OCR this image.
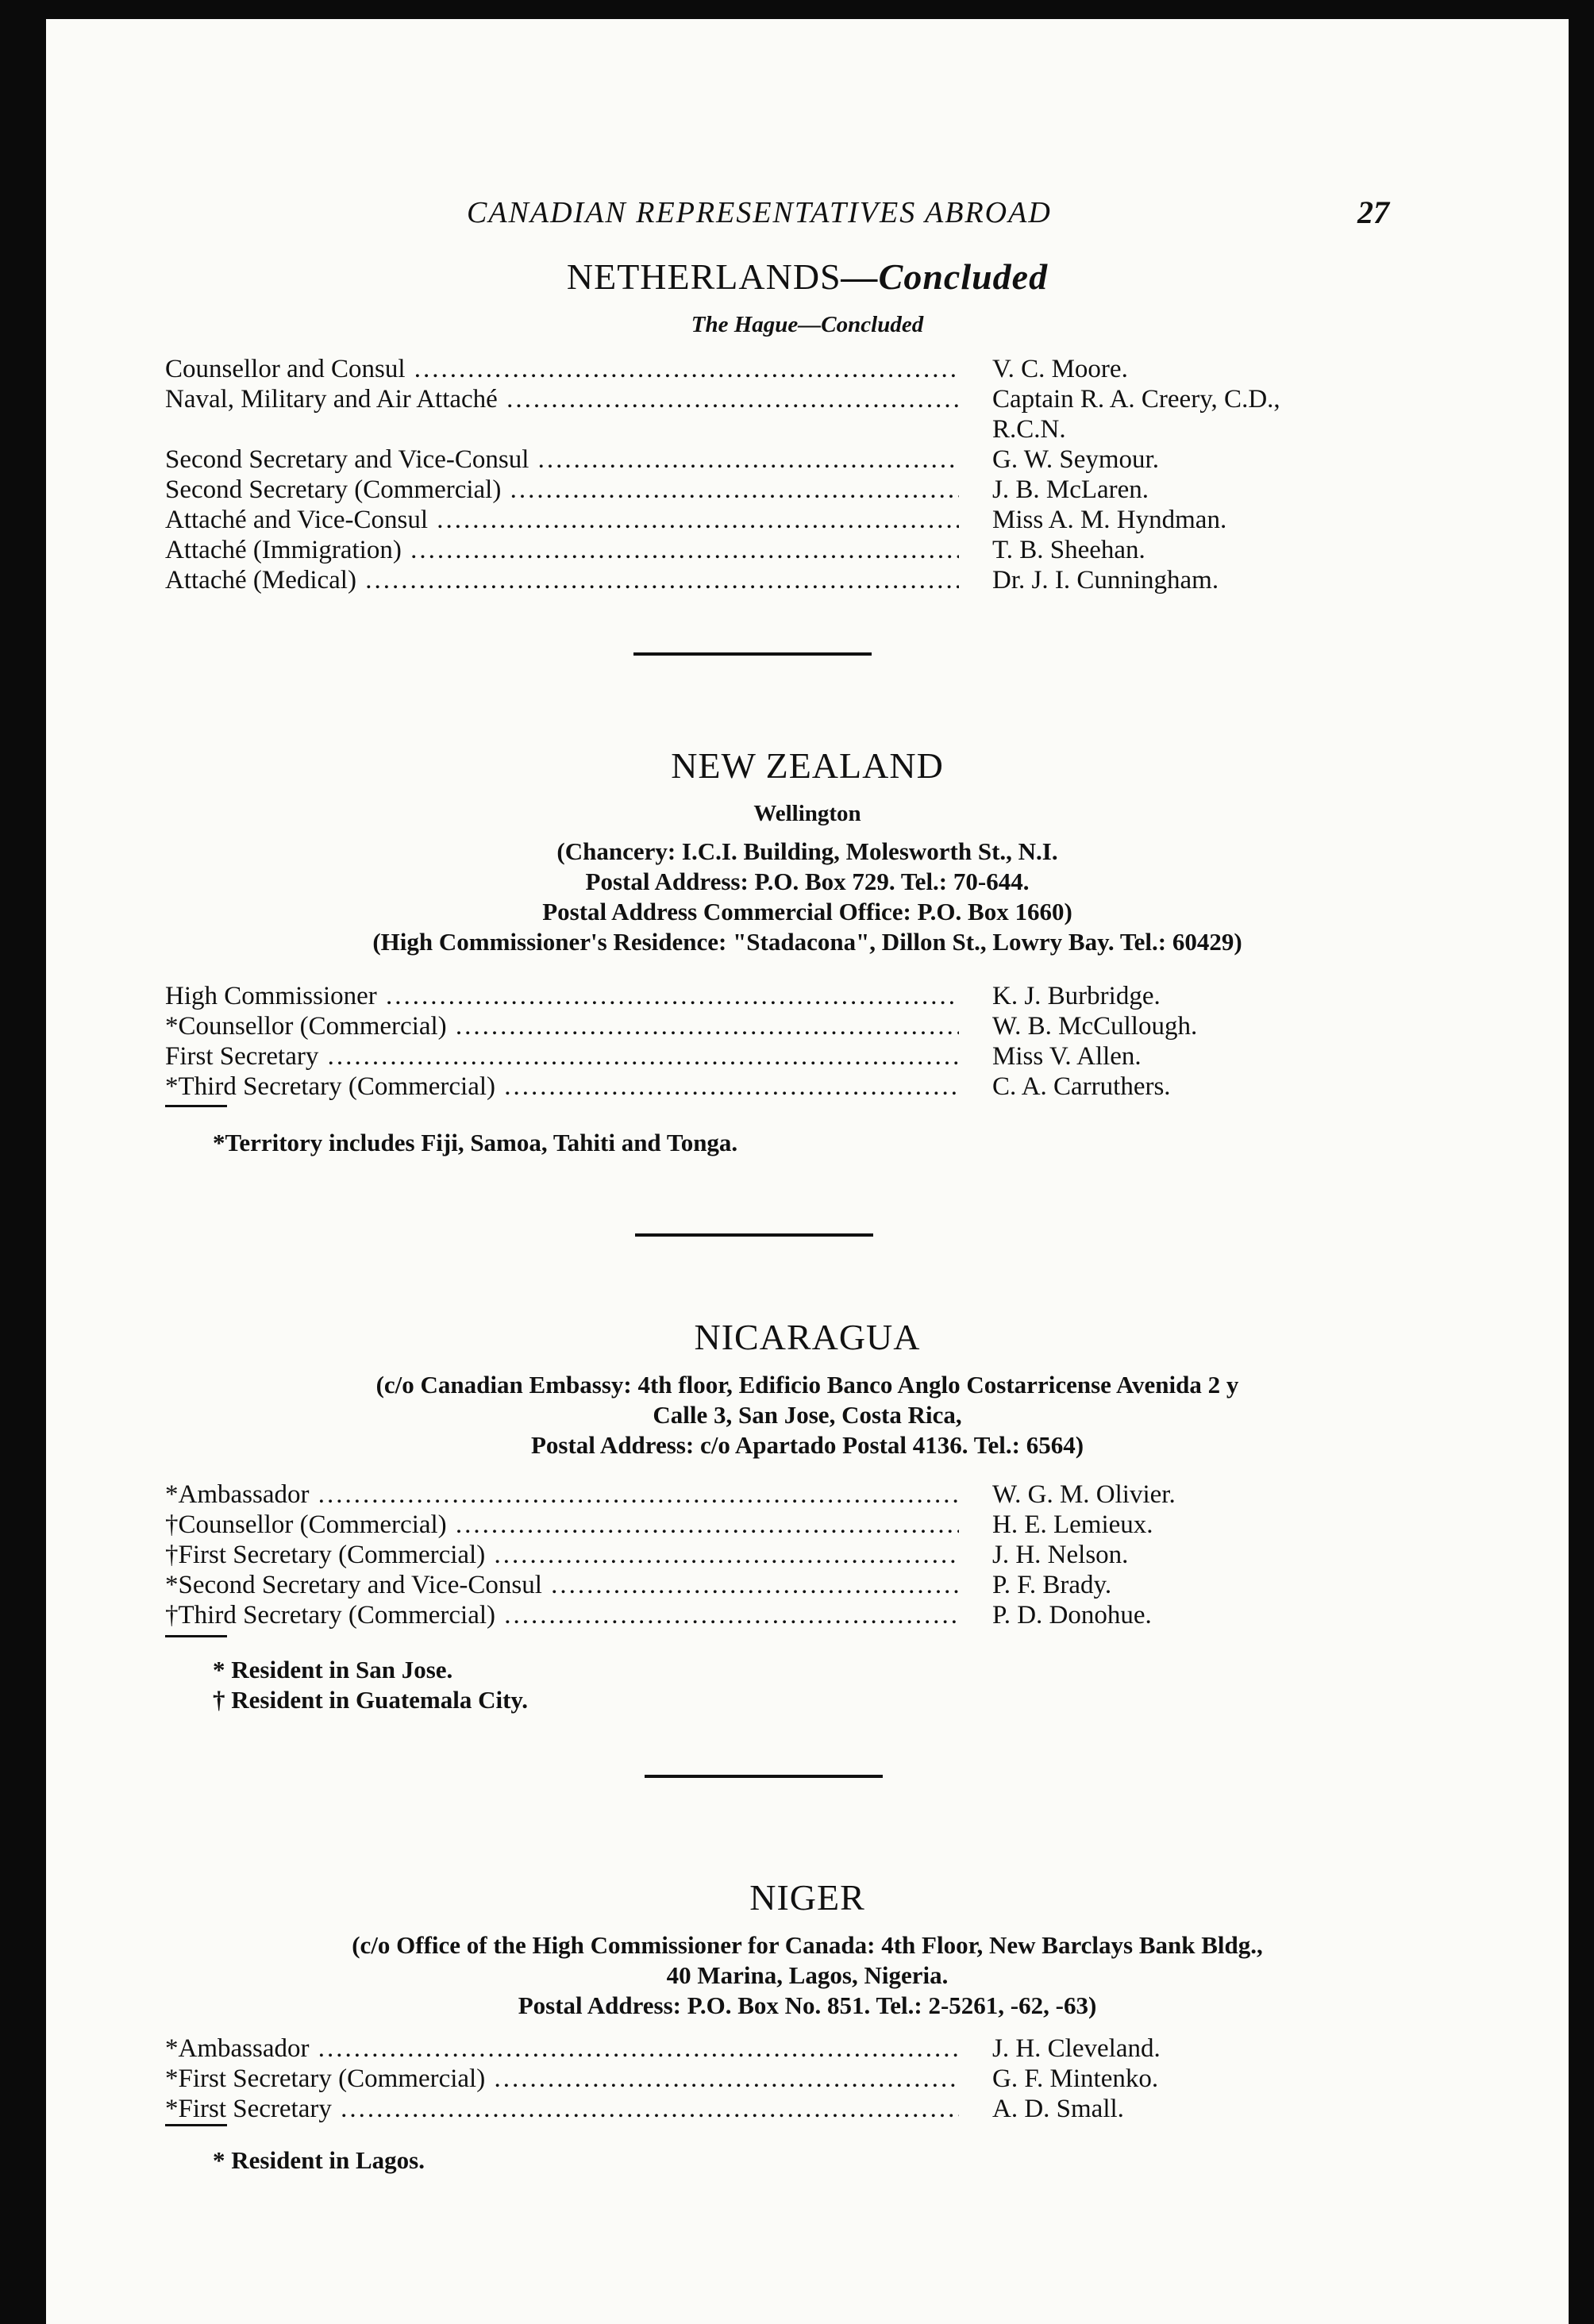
CANADIAN REPRESENTATIVES ABROAD	27
NETHERLANDS—Concluded
The Hague—Concluded
Counsellor and Consul .....	V. C. Moore.
Naval, Military and Air Attaché .....	Captain R. A. Creery, C.D., R.C.N.
Second Secretary and Vice-Consul .....	G. W. Seymour.
Second Secretary (Commercial) .....	J. B. McLaren.
Attaché and Vice-Consul .....	Miss A. M. Hyndman.
Attaché (Immigration) .....	T. B. Sheehan.
Attaché (Medical) .....	Dr. J. I. Cunningham.
NEW ZEALAND
Wellington
(Chancery: I.C.I. Building, Molesworth St., N.I.
Postal Address: P.O. Box 729. Tel.: 70-644.
Postal Address Commercial Office: P.O. Box 1660)
(High Commissioner's Residence: "Stadacona", Dillon St., Lowry Bay. Tel.: 60429)
High Commissioner .....	K. J. Burbridge.
*Counsellor (Commercial) .....	W. B. McCullough.
First Secretary .....	Miss V. Allen.
*Third Secretary (Commercial) .....	C. A. Carruthers.
*Territory includes Fiji, Samoa, Tahiti and Tonga.
NICARAGUA
(c/o Canadian Embassy: 4th floor, Edificio Banco Anglo Costarricense Avenida 2 y
Calle 3, San Jose, Costa Rica,
Postal Address: c/o Apartado Postal 4136. Tel.: 6564)
*Ambassador .....	W. G. M. Olivier.
†Counsellor (Commercial) .....	H. E. Lemieux.
†First Secretary (Commercial) .....	J. H. Nelson.
*Second Secretary and Vice-Consul .....	P. F. Brady.
†Third Secretary (Commercial) .....	P. D. Donohue.
* Resident in San Jose.
† Resident in Guatemala City.
NIGER
(c/o Office of the High Commissioner for Canada: 4th Floor, New Barclays Bank Bldg.,
40 Marina, Lagos, Nigeria.
Postal Address: P.O. Box No. 851. Tel.: 2-5261, -62, -63)
*Ambassador .....	J. H. Cleveland.
*First Secretary (Commercial) .....	G. F. Mintenko.
*First Secretary .....	A. D. Small.
* Resident in Lagos.
